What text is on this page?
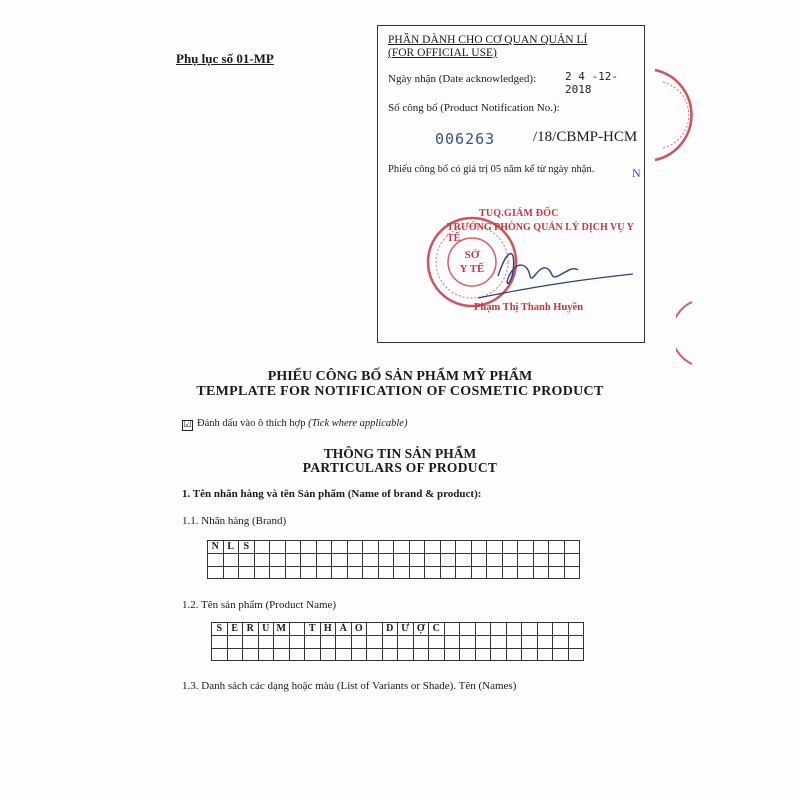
Phụ lục số 01-MP
PHẦN DÀNH CHO CƠ QUAN QUẢN LÍ
(FOR OFFICIAL USE)
Ngày nhận (Date acknowledged):	2 4 -12- 2018
Số công bố (Product Notification No.):
006263	/18/CBMP-HCM
Phiếu công bố có giá trị 05 năm kể từ ngày nhận.	N
SỞ
Y TẾ
TUQ.GIÁM ĐỐC
TRƯỞNG PHÒNG QUẢN LÝ DỊCH VỤ Y TẾ
Phạm Thị Thanh Huyền
PHIẾU CÔNG BỐ SẢN PHẨM MỸ PHẨM
TEMPLATE FOR NOTIFICATION OF COSMETIC PRODUCT
☑ Đánh dấu vào ô thích hợp (Tick where applicable)
THÔNG TIN SẢN PHẨM
PARTICULARS OF PRODUCT
1. Tên nhãn hàng và tên Sản phẩm (Name of brand & product):
1.1. Nhãn hàng (Brand)
N	L	S																					

1.2. Tên sản phẩm (Product Name)
S	E	R	U	M		T	H	Ả	O		D	Ư	Ợ	C									

1.3. Danh sách các dạng hoặc màu (List of Variants or Shade). Tên (Names)
